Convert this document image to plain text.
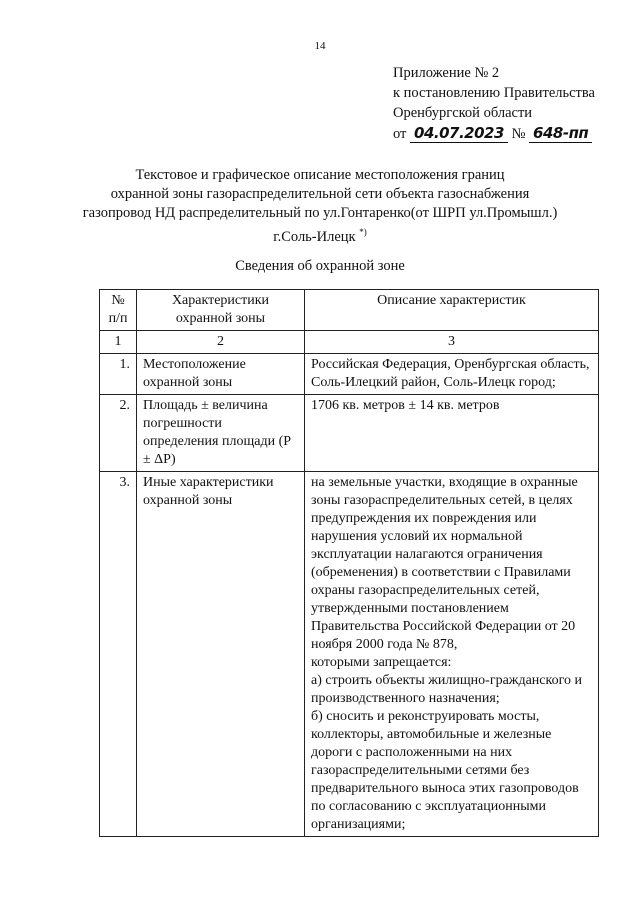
14
Приложение № 2
к постановлению Правительства
Оренбургской области
от 04.07.2023 № 648-пп
Текстовое и графическое описание местоположения границ
охранной зоны газораспределительной сети объекта газоснабжения
газопровод НД распределительный по ул.Гонтаренко(от ШРП ул.Промышл.)
г.Соль-Илецк *)
Сведения об охранной зоне
№ п/п	Характеристики охранной зоны	Описание характеристик
1	2	3
1.	Местоположение охранной зоны	Российская Федерация, Оренбургская область, Соль-Илецкий район, Соль-Илецк город;

2.	Площадь ± величина погрешности определения площади (Р ± ΔР)	1706 кв. метров ± 14 кв. метров

3.	Иные характеристики охранной зоны	на земельные участки, входящие в охранные зоны газораспределительных сетей, в целях предупреждения их повреждения или нарушения условий их нормальной эксплуатации налагаются ограничения (обременения) в соответствии с Правилами охраны газораспределительных сетей, утвержденными постановлением Правительства Российской Федерации от 20 ноября 2000 года № 878,
которыми запрещается:
а) строить объекты жилищно-гражданского и производственного назначения;
б) сносить и реконструировать мосты, коллекторы, автомобильные и железные дороги с расположенными на них газораспределительными сетями без предварительного выноса этих газопроводов по согласованию с эксплуатационными организациями;
